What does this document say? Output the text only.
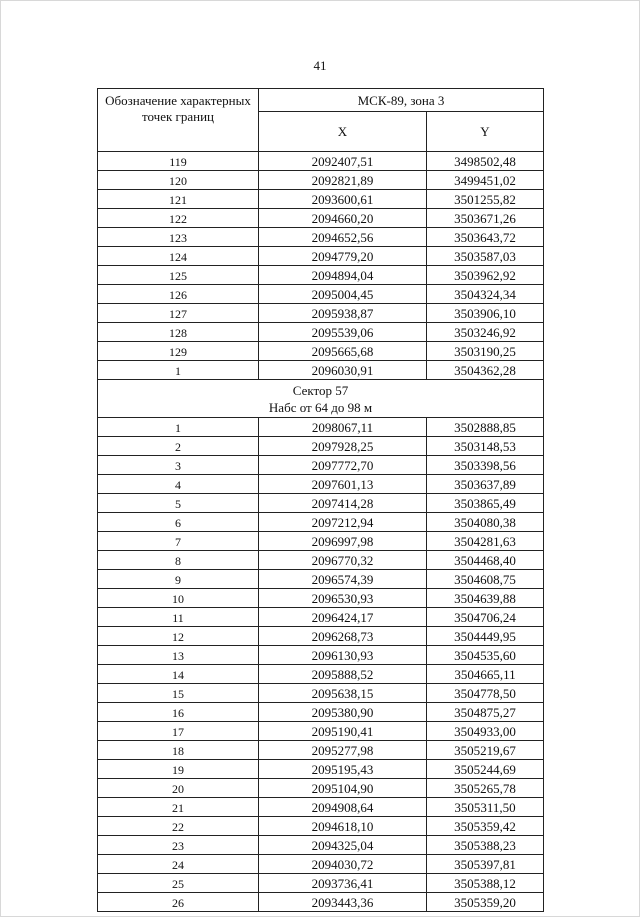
41
Обозначение характерных точек границ	МСК-89, зона 3	
	X	Y
119	2092407,51	3498502,48
120	2092821,89	3499451,02
121	2093600,61	3501255,82
122	2094660,20	3503671,26
123	2094652,56	3503643,72
124	2094779,20	3503587,03
125	2094894,04	3503962,92
126	2095004,45	3504324,34
127	2095938,87	3503906,10
128	2095539,06	3503246,92
129	2095665,68	3503190,25
1	2096030,91	3504362,28

Сектор 57
Набс от 64 до 98 м		

1	2098067,11	3502888,85
2	2097928,25	3503148,53
3	2097772,70	3503398,56
4	2097601,13	3503637,89
5	2097414,28	3503865,49
6	2097212,94	3504080,38
7	2096997,98	3504281,63
8	2096770,32	3504468,40
9	2096574,39	3504608,75
10	2096530,93	3504639,88
11	2096424,17	3504706,24
12	2096268,73	3504449,95
13	2096130,93	3504535,60
14	2095888,52	3504665,11
15	2095638,15	3504778,50
16	2095380,90	3504875,27
17	2095190,41	3504933,00
18	2095277,98	3505219,67
19	2095195,43	3505244,69
20	2095104,90	3505265,78
21	2094908,64	3505311,50
22	2094618,10	3505359,42
23	2094325,04	3505388,23
24	2094030,72	3505397,81
25	2093736,41	3505388,12
26	2093443,36	3505359,20
